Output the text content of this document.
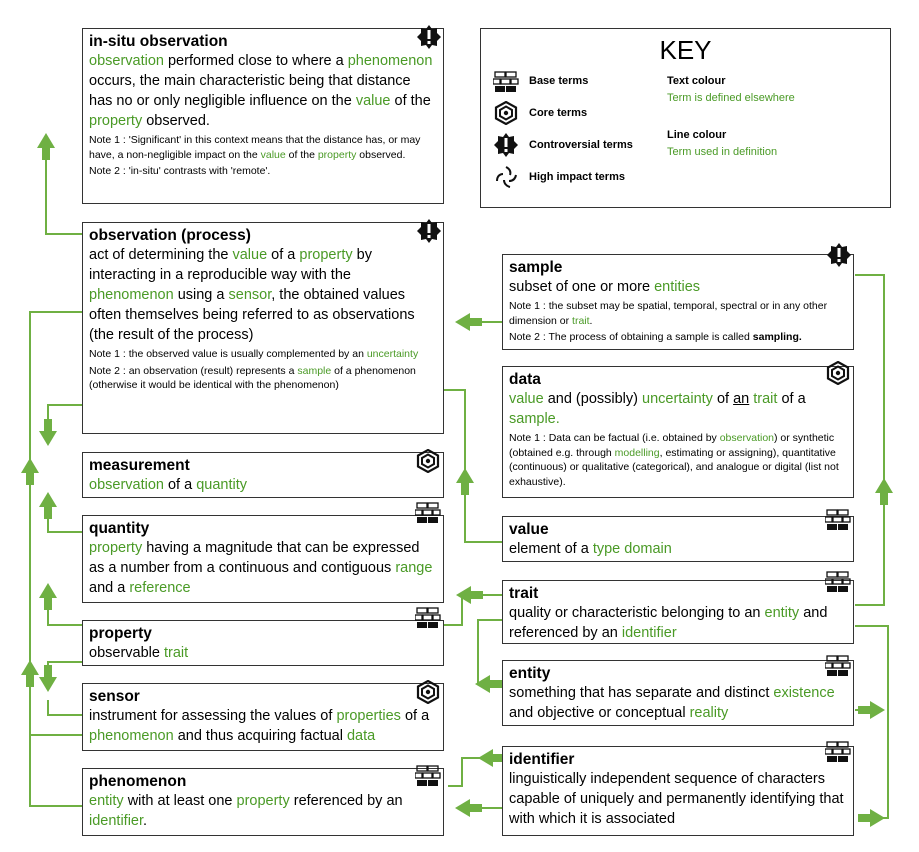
KEY
Base terms
Core terms
Controversial terms
High impact terms
Text colour
Term is defined elsewhere
Line colour
Term used in definition
in-situ observation
observation performed close to where a phenomenon occurs, the main characteristic being that distance has no or only negligible influence on the value of the property observed.
Note 1 : 'Significant' in this context means that the distance has, or may have, a non-negligible impact on the value of the property observed.
Note 2 : 'in-situ' contrasts with 'remote'.
observation (process)
act of determining the value of a property by interacting in a reproducible way with the phenomenon using a sensor, the obtained values often themselves being referred to as observations (the result of the process)
Note 1 : the observed value is usually complemented by an uncertainty
Note 2 : an observation (result) represents a sample of a phenomenon (otherwise it would be identical with the phenomenon)
measurement
observation of a quantity
quantity
property having a magnitude that can be expressed as a number from a continuous and contiguous range and a reference
property
observable trait
sensor
instrument for assessing the values of properties of a phenomenon and thus acquiring factual data
phenomenon
entity with at least one property referenced by an identifier.
sample
subset of one or more entities
Note 1 : the subset may be spatial, temporal, spectral or in any other dimension or trait.
Note 2 : The process of obtaining a sample is called sampling.
data
value and (possibly) uncertainty of an trait of a sample.
Note 1 : Data can be factual (i.e. obtained by observation) or synthetic (obtained e.g. through modelling, estimating or assigning), quantitative (continuous) or qualitative (categorical), and analogue or digital (list not exhaustive).
value
element of a type domain
trait
quality or characteristic belonging to an entity and referenced by an identifier
entity
something that has separate and distinct existence and objective or conceptual reality
identifier
linguistically independent sequence of characters capable of uniquely and permanently identifying that with which it is associated
